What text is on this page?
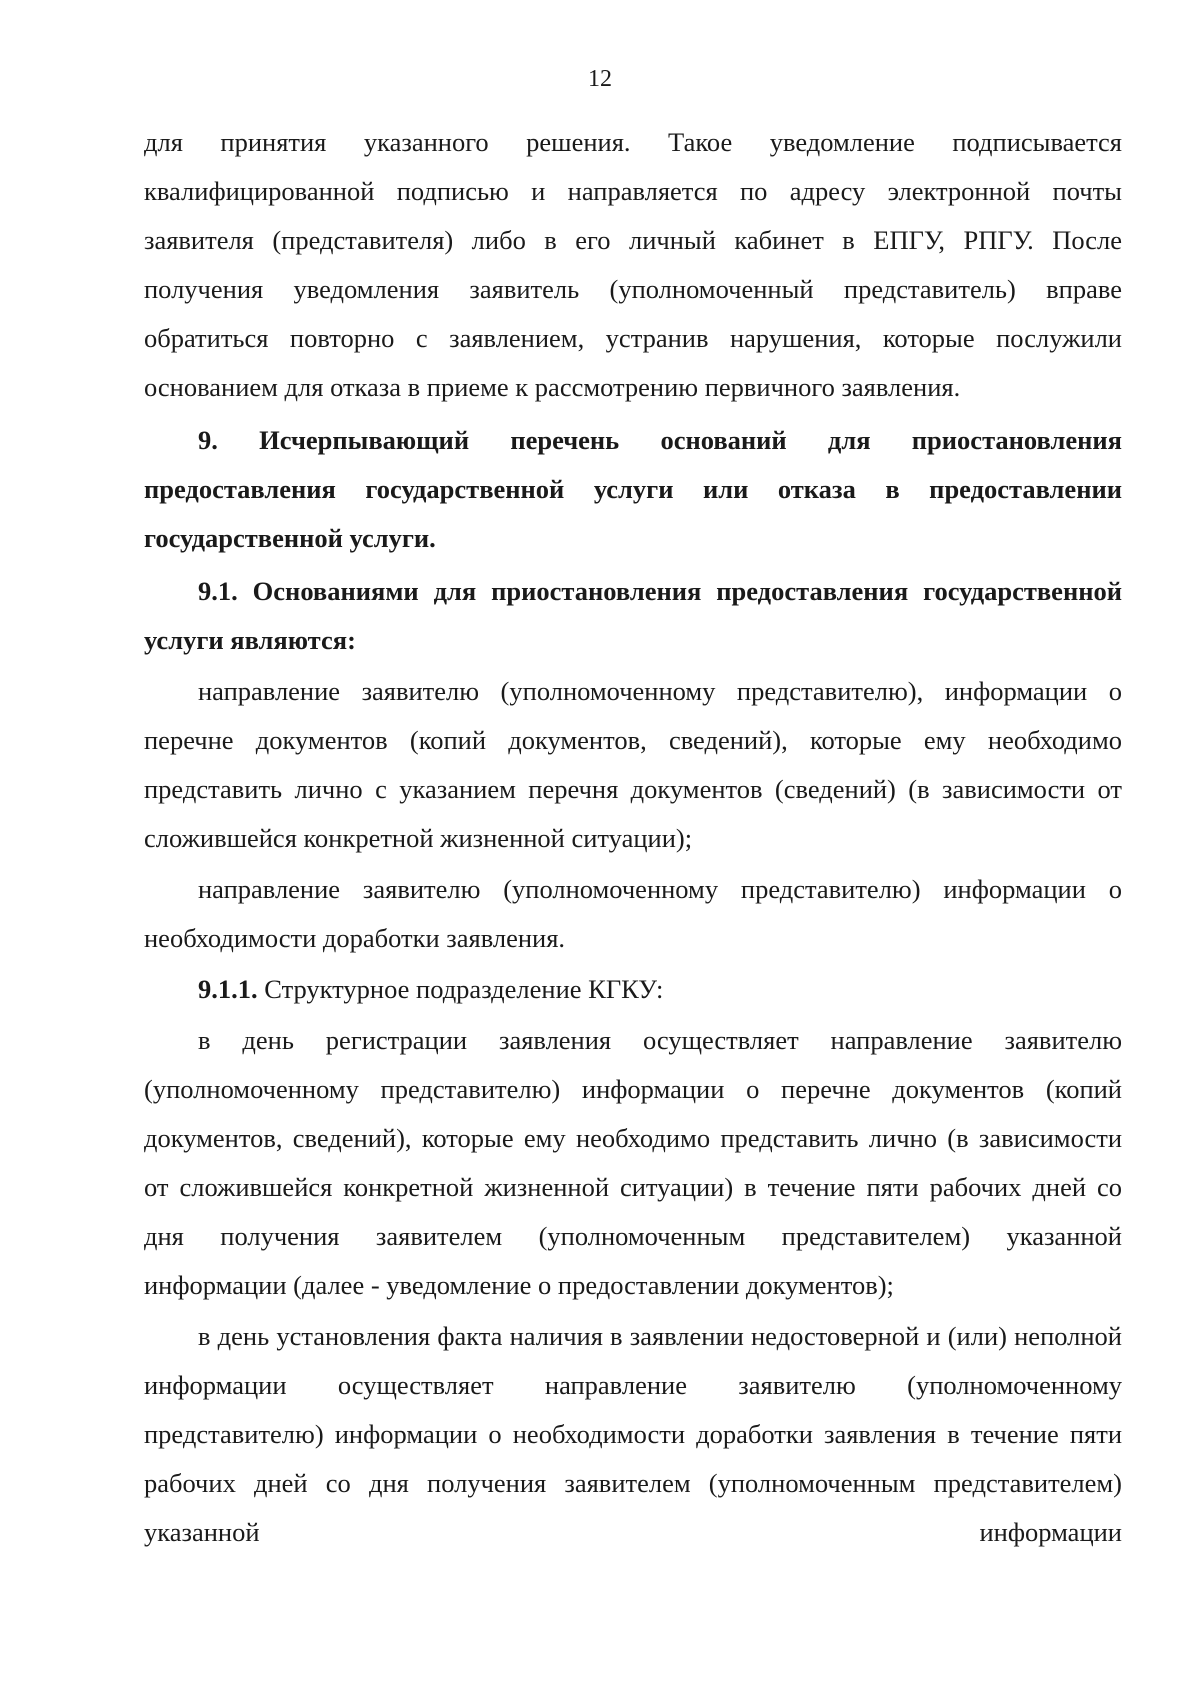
12

для принятия указанного решения. Такое уведомление подписывается квалифицированной подписью и направляется по адресу электронной почты заявителя (представителя) либо в его личный кабинет в ЕПГУ, РПГУ. После получения уведомления заявитель (уполномоченный представитель) вправе обратиться повторно с заявлением, устранив нарушения, которые послужили основанием для отказа в приеме к рассмотрению первичного заявления.

9. Исчерпывающий перечень оснований для приостановления предоставления государственной услуги или отказа в предоставлении государственной услуги.

9.1. Основаниями для приостановления предоставления государственной услуги являются:

направление заявителю (уполномоченному представителю), информации о перечне документов (копий документов, сведений), которые ему необходимо представить лично с указанием перечня документов (сведений) (в зависимости от сложившейся конкретной жизненной ситуации);

направление заявителю (уполномоченному представителю) информации о необходимости доработки заявления.

9.1.1. Структурное подразделение КГКУ:

в день регистрации заявления осуществляет направление заявителю (уполномоченному представителю) информации о перечне документов (копий документов, сведений), которые ему необходимо представить лично (в зависимости от сложившейся конкретной жизненной ситуации) в течение пяти рабочих дней со дня получения заявителем (уполномоченным представителем) указанной информации (далее - уведомление о предоставлении документов);

в день установления факта наличия в заявлении недостоверной и (или) неполной информации осуществляет направление заявителю (уполномоченному представителю) информации о необходимости доработки заявления в течение пяти рабочих дней со дня получения заявителем (уполномоченным представителем) указанной информации
